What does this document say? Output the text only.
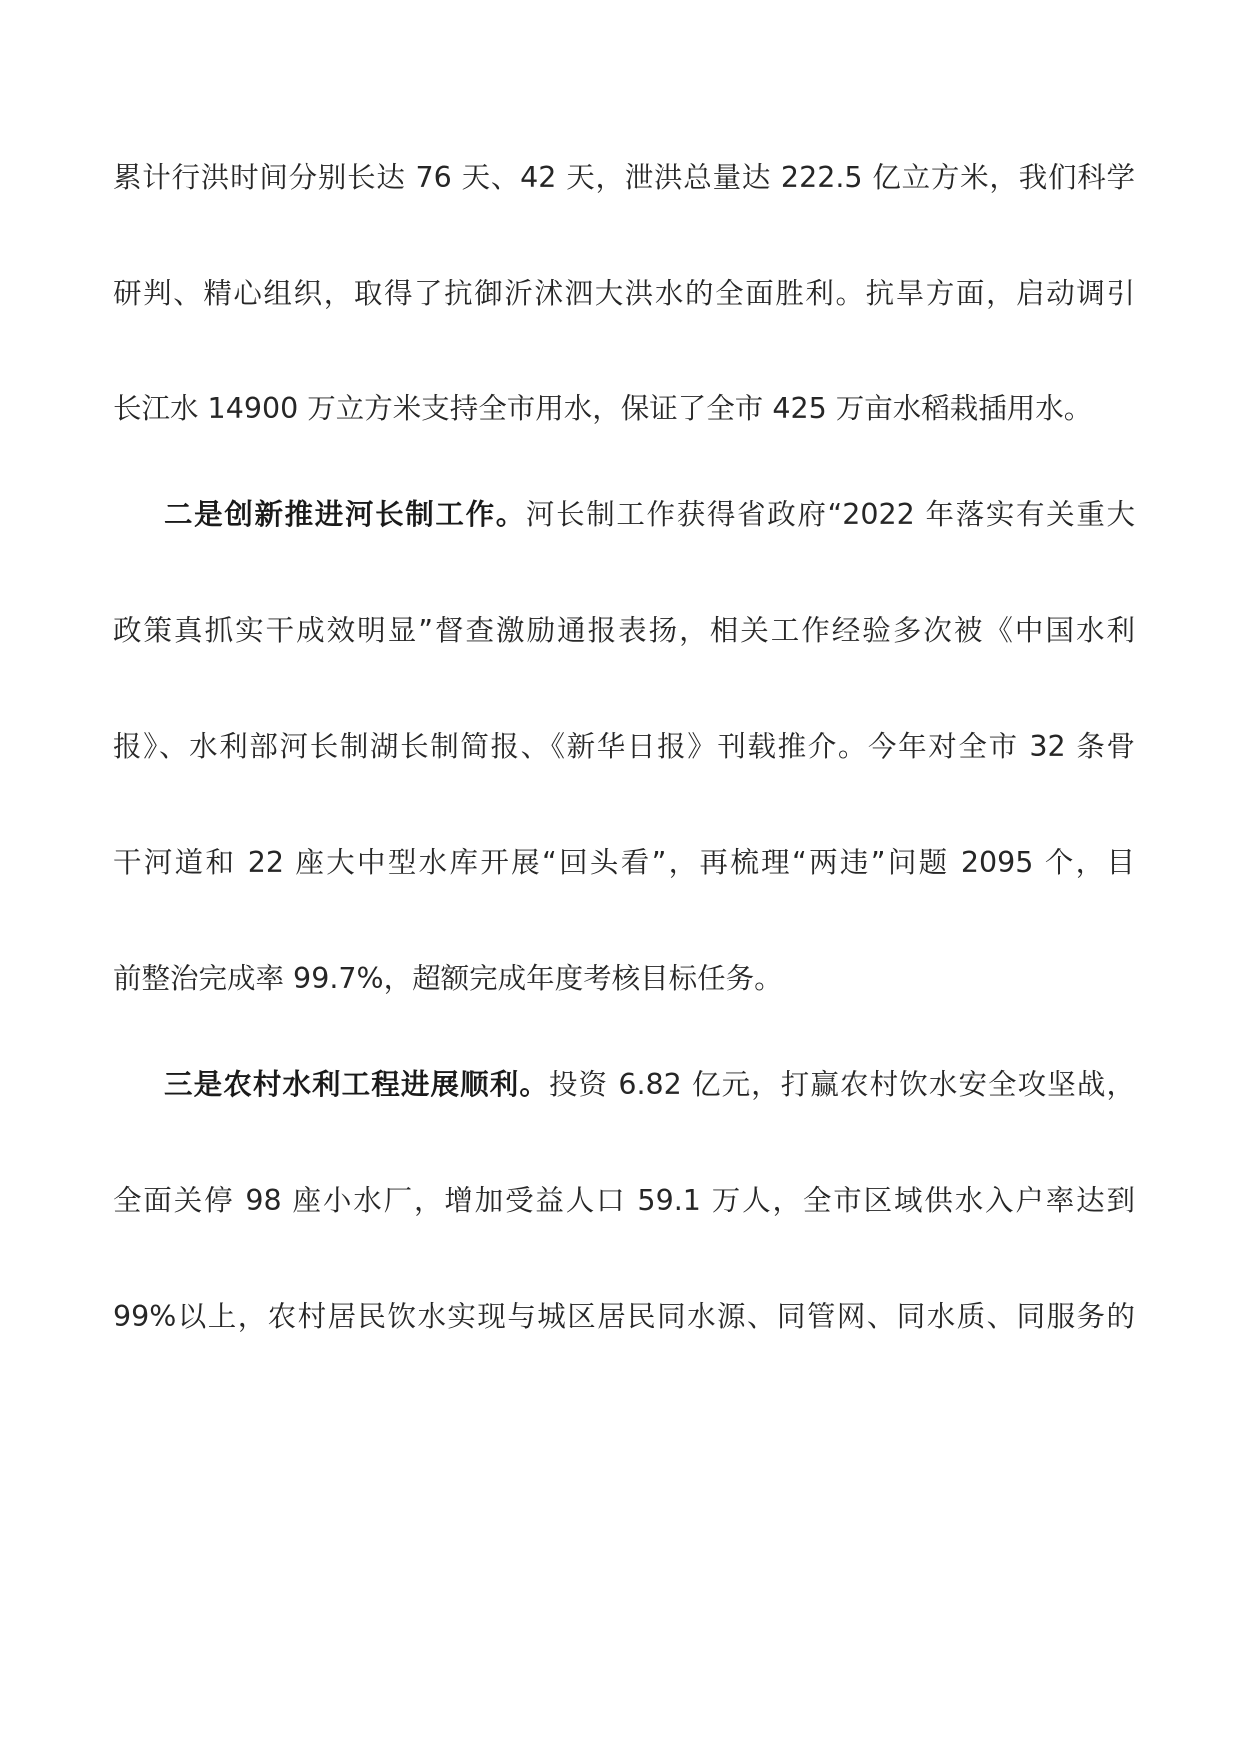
累计行洪时间分别长达 76 天、42 天，泄洪总量达 222.5 亿立方米，我们科学
研判、精心组织，取得了抗御沂沭泗大洪水的全面胜利。抗旱方面，启动调引
长江水 14900 万立方米支持全市用水，保证了全市 425 万亩水稻栽插用水。
二是创新推进河长制工作。河长制工作获得省政府“2022 年落实有关重大
政策真抓实干成效明显”督查激励通报表扬，相关工作经验多次被《中国水利
报》、水利部河长制湖长制简报、《新华日报》刊载推介。今年对全市 32 条骨
干河道和 22 座大中型水库开展“回头看”，再梳理“两违”问题 2095 个，目
前整治完成率 99.7%，超额完成年度考核目标任务。
三是农村水利工程进展顺利。投资 6.82 亿元，打赢农村饮水安全攻坚战，
全面关停 98 座小水厂，增加受益人口 59.1 万人，全市区域供水入户率达到
99%以上，农村居民饮水实现与城区居民同水源、同管网、同水质、同服务的
